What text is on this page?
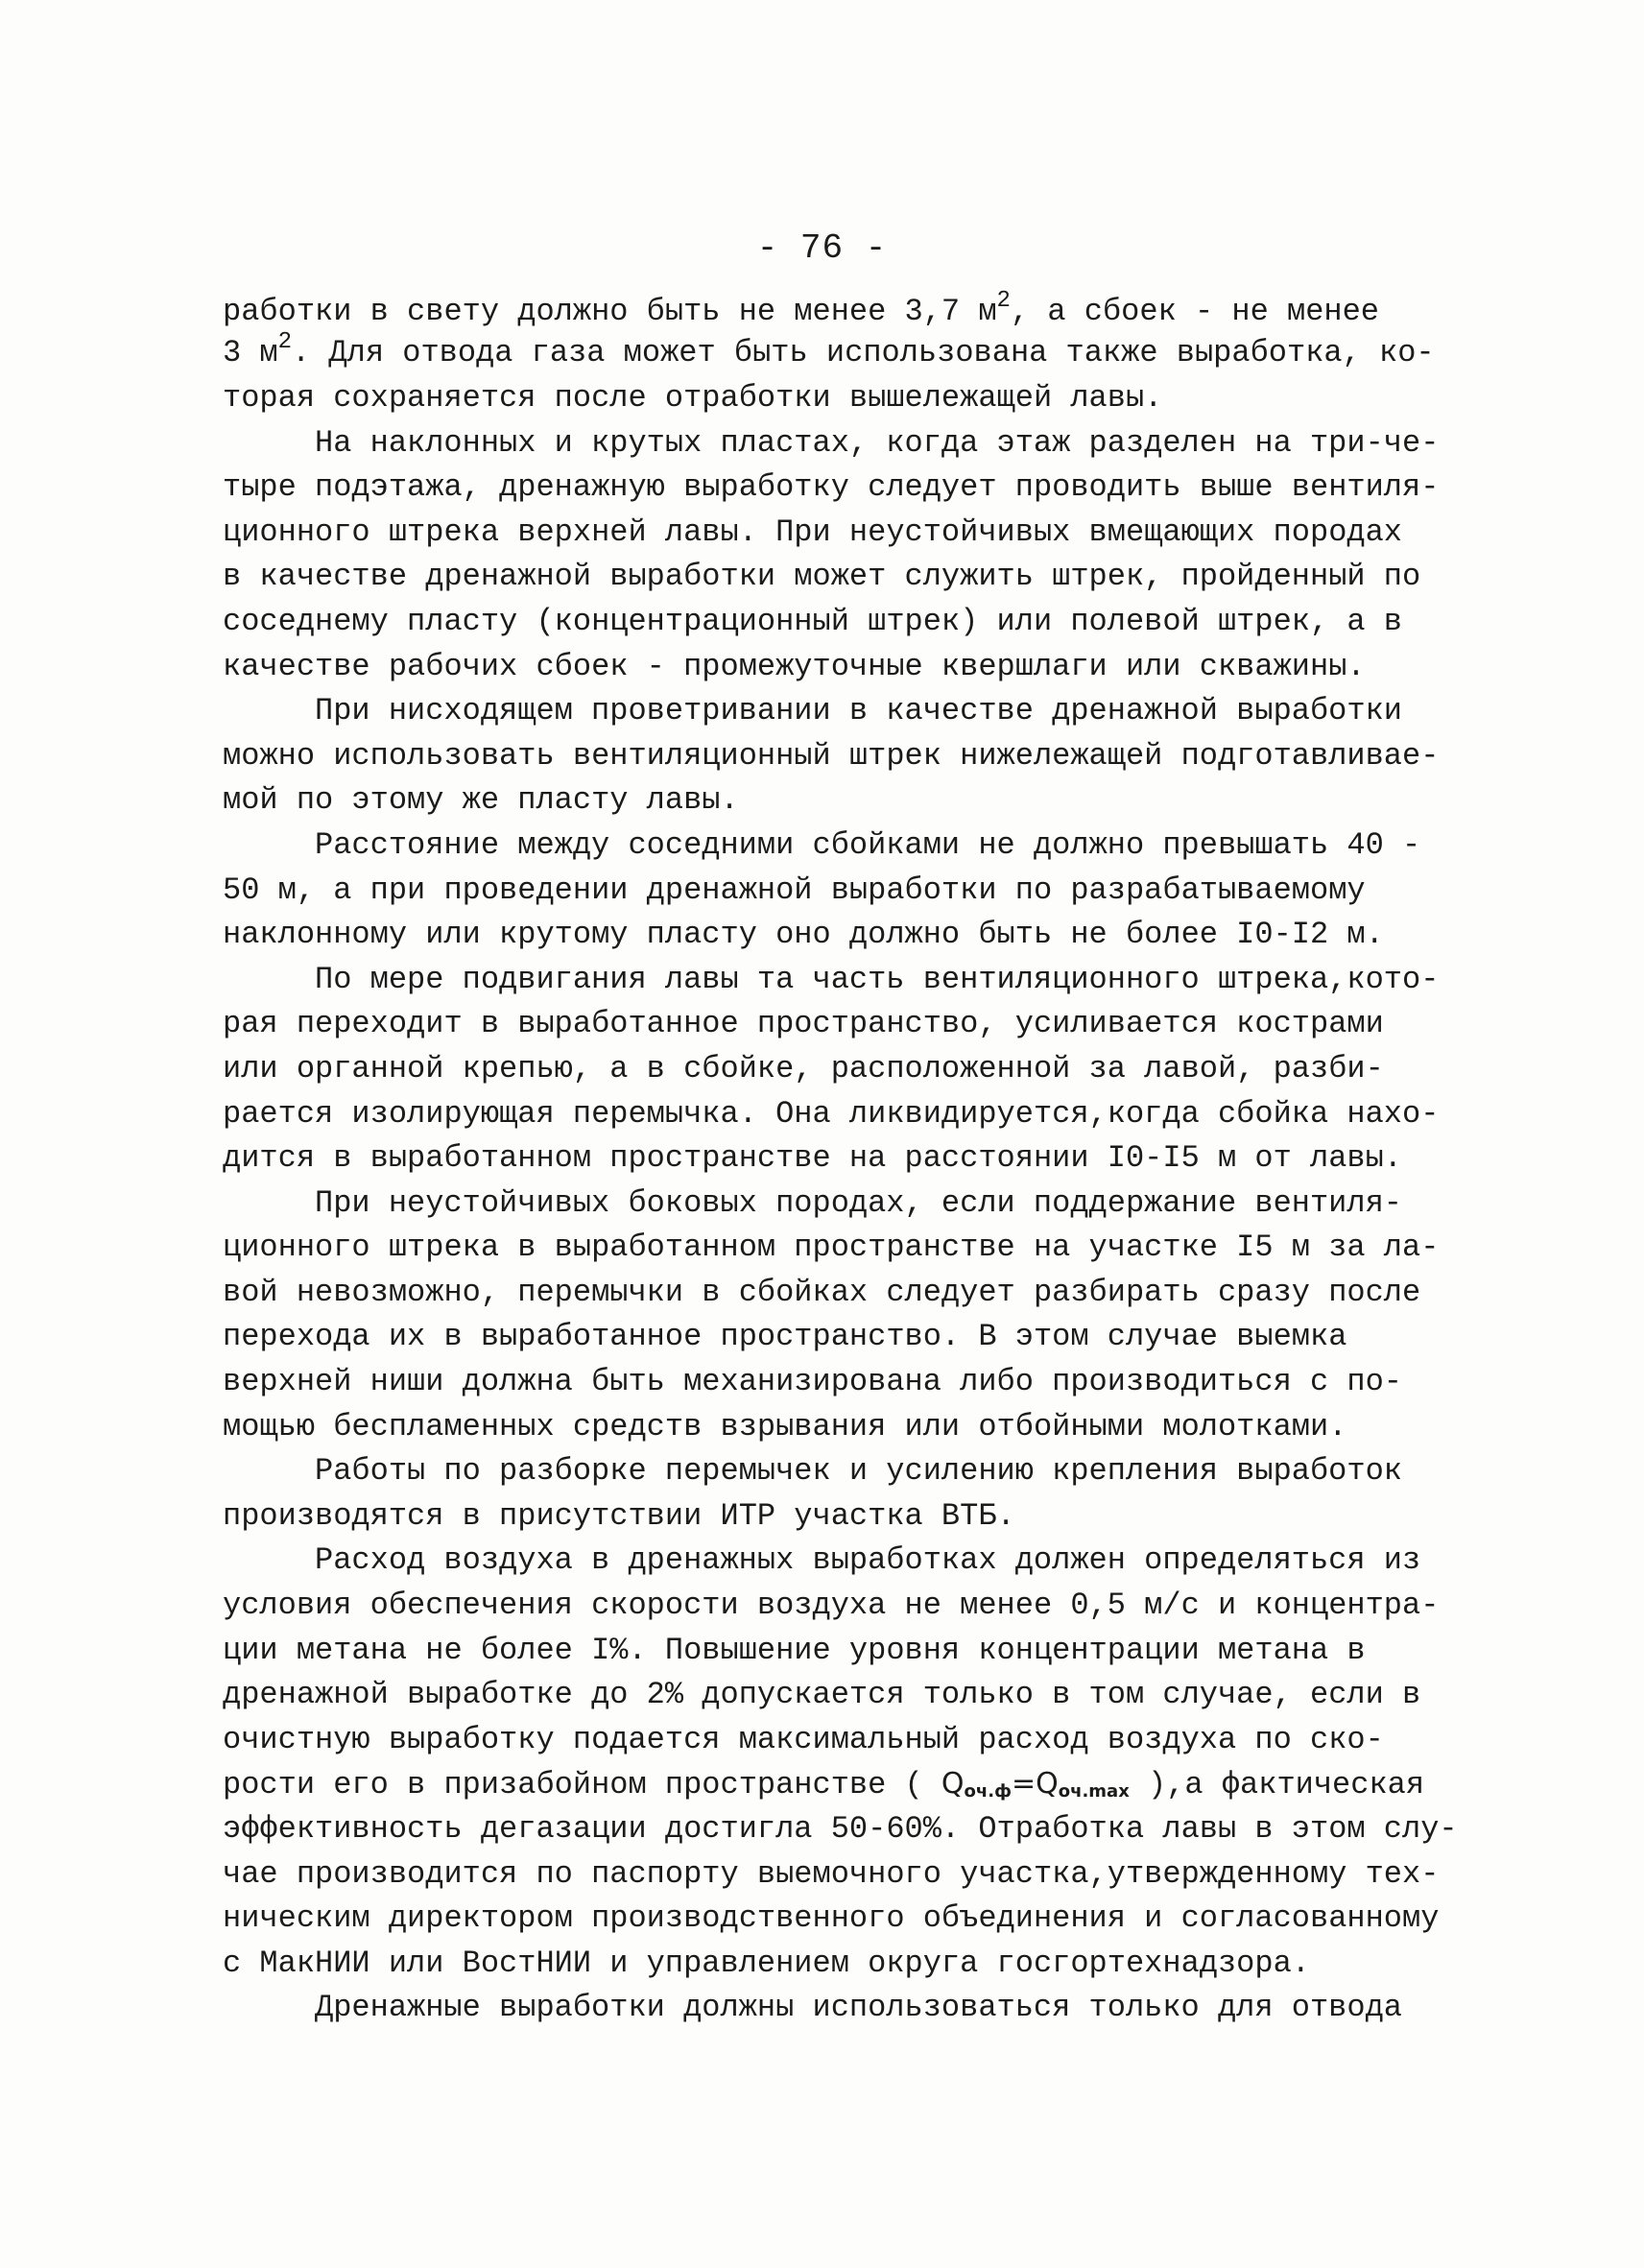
- 76 -
работки в свету должно быть не менее 3,7 $м^2$, а сбоек - не менее
3 $м^2$. Для отвода газа может быть использована также выработка, ко-
торая сохраняется после отработки вышележащей лавы.
На наклонных и крутых пластах, когда этаж разделен на три-че-
тыре подэтажа, дренажную выработку следует проводить выше вентиля-
ционного штрека верхней лавы. При неустойчивых вмещающих породах
в качестве дренажной выработки может служить штрек, пройденный по
соседнему пласту (концентрационный штрек) или полевой штрек, а в
качестве рабочих сбоек - промежуточные квершлаги или скважины.
При нисходящем проветривании в качестве дренажной выработки
можно использовать вентиляционный штрек нижележащей подготавливае-
мой по этому же пласту лавы.
Расстояние между соседними сбойками не должно превышать 40 -
50 м, а при проведении дренажной выработки по разрабатываемому
наклонному или крутому пласту оно должно быть не более I0-I2 м.
По мере подвигания лавы та часть вентиляционного штрека,кото-
рая переходит в выработанное пространство, усиливается кострами
или органной крепью, а в сбойке, расположенной за лавой, разби-
рается изолирующая перемычка. Она ликвидируется,когда сбойка нахо-
дится в выработанном пространстве на расстоянии I0-I5 м от лавы.
При неустойчивых боковых породах, если поддержание вентиля-
ционного штрека в выработанном пространстве на участке I5 м за ла-
вой невозможно, перемычки в сбойках следует разбирать сразу после
перехода их в выработанное пространство. В этом случае выемка
верхней ниши должна быть механизирована либо производиться с по-
мощью беспламенных средств взрывания или отбойными молотками.
Работы по разборке перемычек и усилению крепления выработок
производятся в присутствии ИТР участка ВТБ.
Расход воздуха в дренажных выработках должен определяться из
условия обеспечения скорости воздуха не менее 0,5 м/с и концентра-
ции метана не более I%. Повышение уровня концентрации метана в
дренажной выработке до 2% допускается только в том случае, если в
очистную выработку подается максимальный расход воздуха по ско-
рости его в призабойном пространстве ( $Q_{оч.ф}=Q_{оч.max}$ ),а фактическая
эффективность дегазации достигла 50-60%. Отработка лавы в этом слу-
чае производится по паспорту выемочного участка,утвержденному тех-
ническим директором производственного объединения и согласованному
с МакНИИ или ВостНИИ и управлением округа госгортехнадзора.
Дренажные выработки должны использоваться только для отвода
